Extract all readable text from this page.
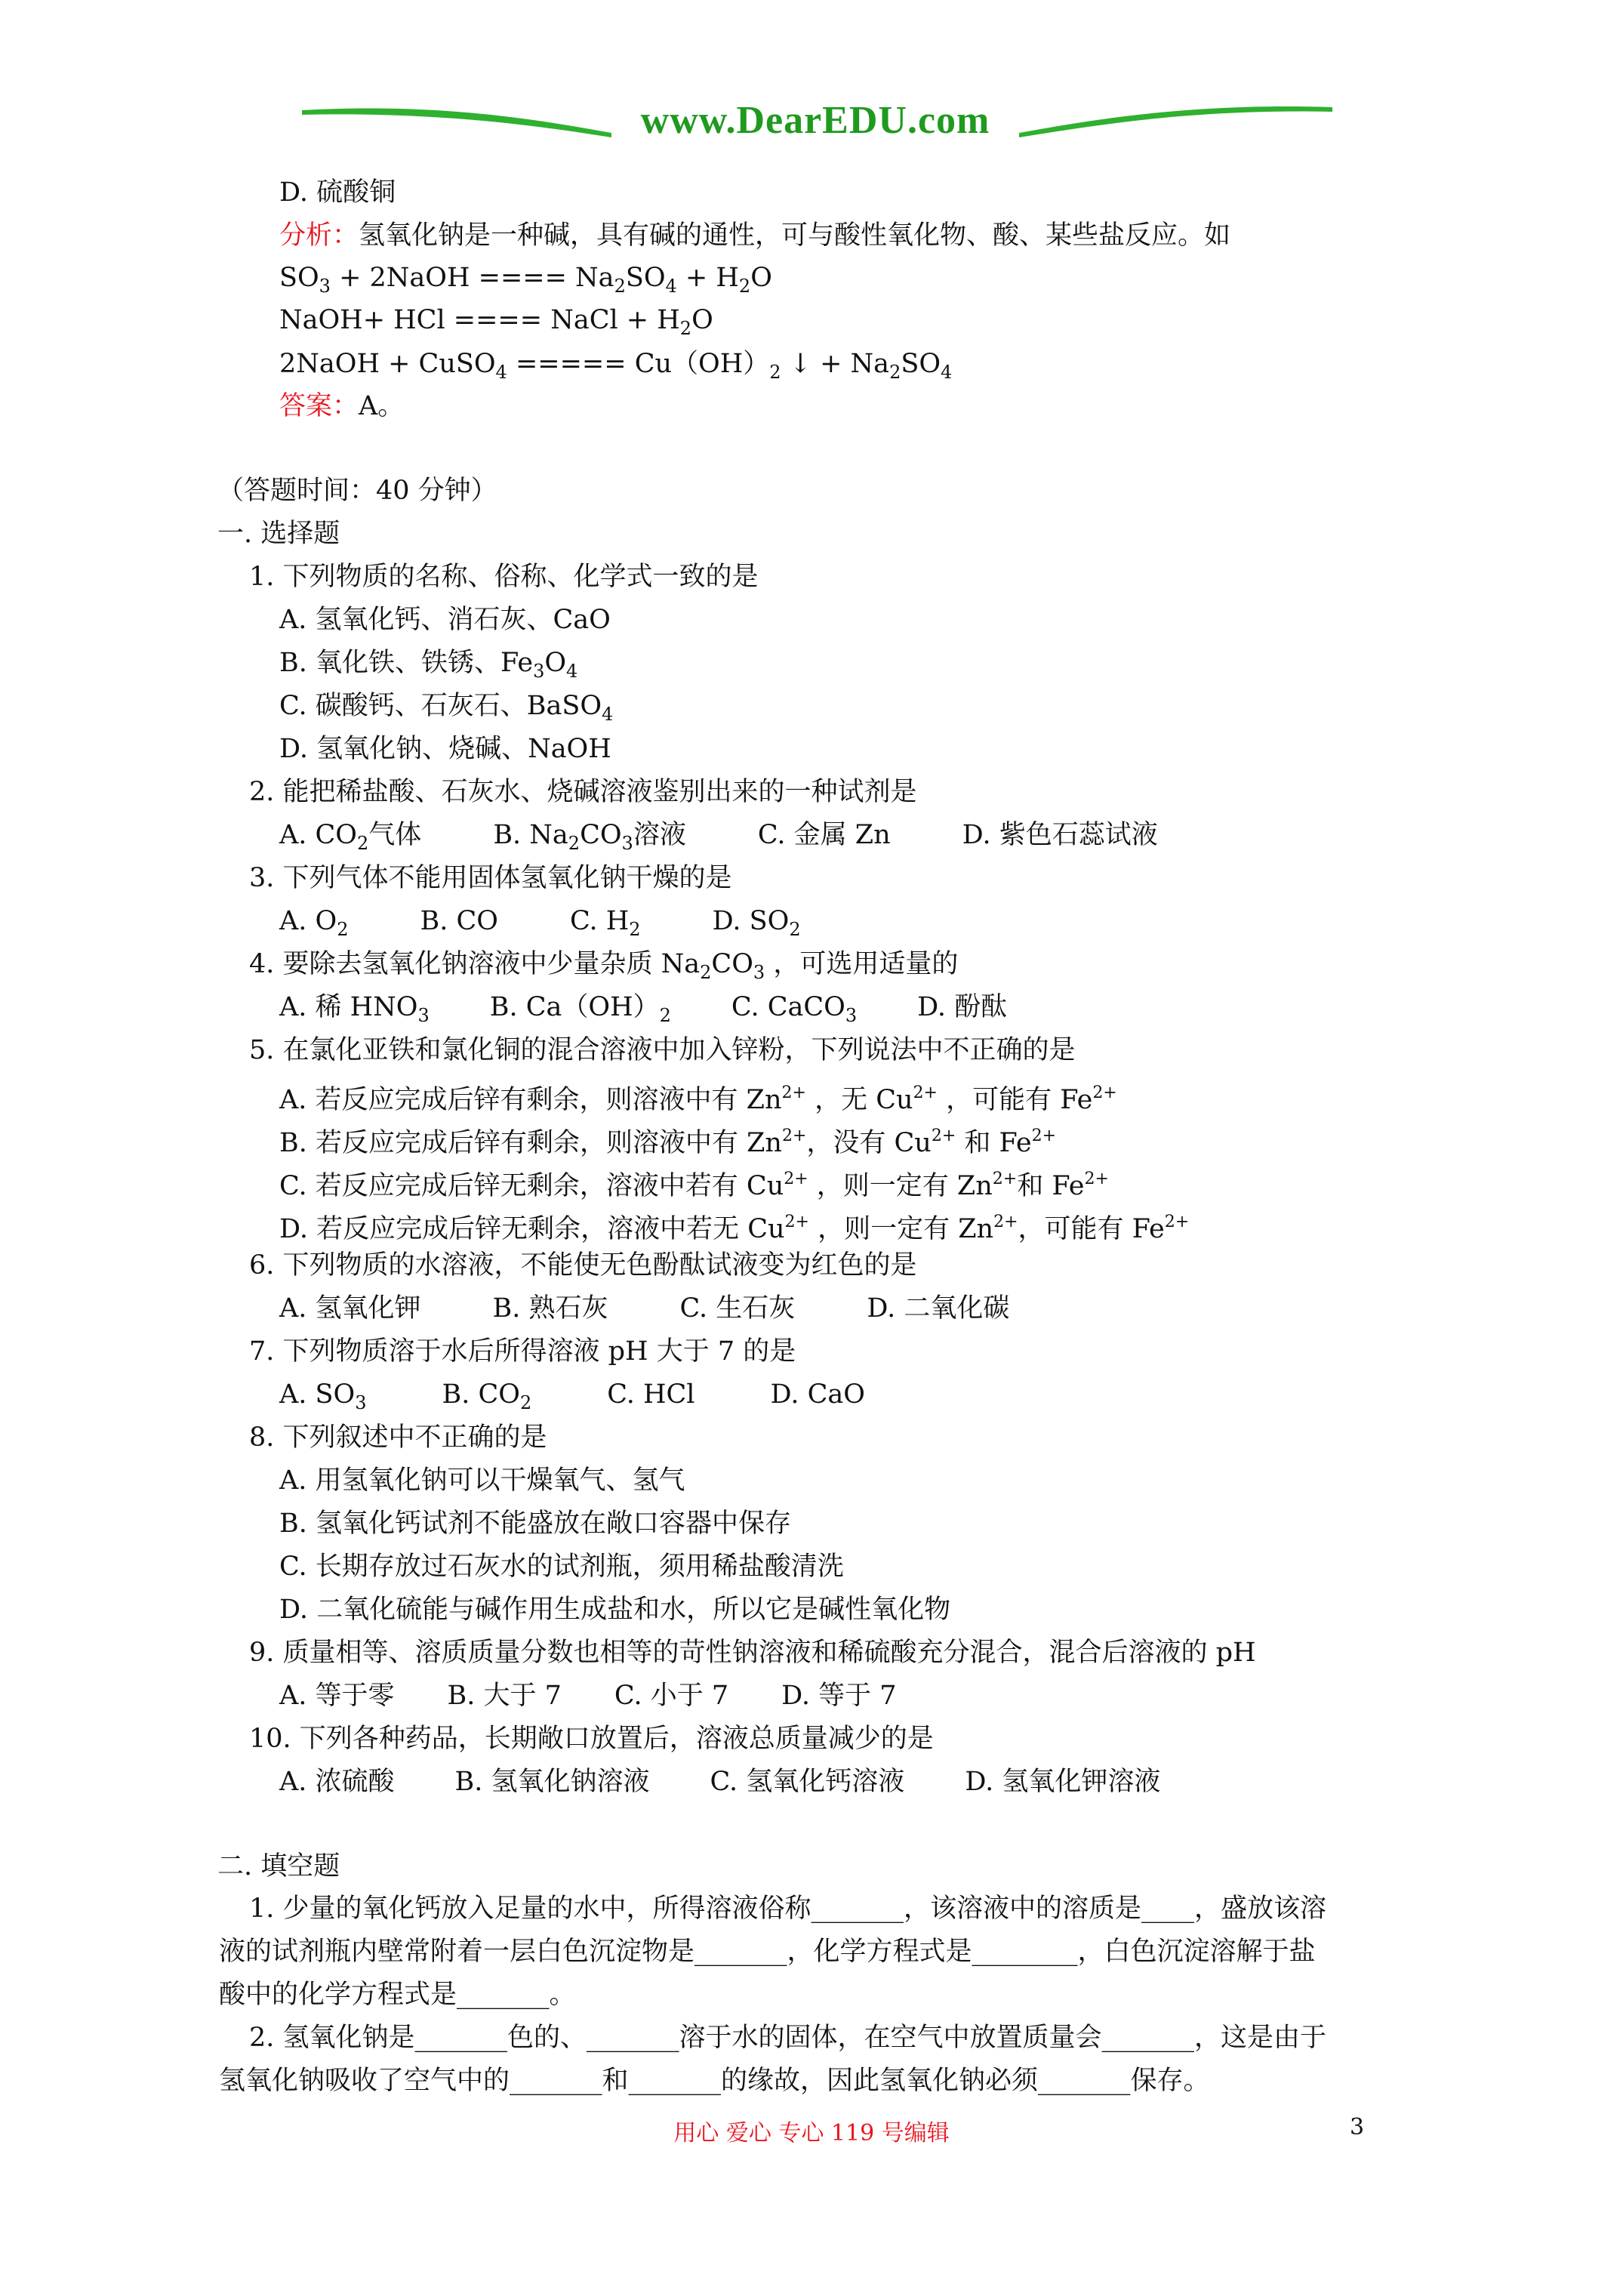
www.DearEDU.com
D. 硫酸铜
分析：氢氧化钠是一种碱，具有碱的通性，可与酸性氧化物、酸、某些盐反应。如
$SO_3$ + 2NaOH ==== $Na_2SO_4 + H_2O$
NaOH+ HCl ==== NaCl + $H_2O$
2NaOH + CuSO$_4$ ===== $Cu(OH)_2$ ↓ + $Na_2SO_4$
答案：A。
（答题时间：40 分钟）
一. 选择题
1. 下列物质的名称、俗称、化学式一致的是
A. 氢氧化钙、消石灰、CaO
B. 氧化铁、铁锈、$Fe_3O_4$
C. 碳酸钙、石灰石、BaSO$_4$
D. 氢氧化钠、烧碱、NaOH
2. 能把稀盐酸、石灰水、烧碱溶液鉴别出来的一种试剂是
A. $CO_2$气体	B. $Na_2CO_3$溶液	C. 金属 Zn	D. 紫色石蕊试液
3. 下列气体不能用固体氢氧化钠干燥的是
A. $O_2$	B. CO	C. $H_2$	D. $SO_2$
4. 要除去氢氧化钠溶液中少量杂质 $Na_2CO_3$ ，可选用适量的
A. 稀 $HNO_3$ B. $Ca(OH)_2$ C. CaCO$_3$ D. 酚酞
5. 在氯化亚铁和氯化铜的混合溶液中加入锌粉，下列说法中不正确的是
A. 若反应完成后锌有剩余，则溶液中有 $Zn^{2+}$ ，无 $Cu^{2+}$ ，可能有 $Fe^{2+}$
B. 若反应完成后锌有剩余，则溶液中有 $Zn^{2+}$，没有 $Cu^{2+}$ 和 $Fe^{2+}$
C. 若反应完成后锌无剩余，溶液中若有 $Cu^{2+}$ ，则一定有 $Zn^{2+}$和 $Fe^{2+}$
D. 若反应完成后锌无剩余，溶液中若无 $Cu^{2+}$ ，则一定有 $Zn^{2+}$，可能有 $Fe^{2+}$
6. 下列物质的水溶液，不能使无色酚酞试液变为红色的是
A. 氢氧化钾	B. 熟石灰	C. 生石灰	D. 二氧化碳
7. 下列物质溶于水后所得溶液 pH 大于 7 的是
A. $SO_3$	B. $CO_2$	C. HCl	D. CaO
8. 下列叙述中不正确的是
A. 用氢氧化钠可以干燥氧气、氢气
B. 氢氧化钙试剂不能盛放在敞口容器中保存
C. 长期存放过石灰水的试剂瓶，须用稀盐酸清洗
D. 二氧化硫能与碱作用生成盐和水，所以它是碱性氧化物
9. 质量相等、溶质质量分数也相等的苛性钠溶液和稀硫酸充分混合，混合后溶液的 pH
A. 等于零 B. 大于 7 C. 小于 7 D. 等于 7
10. 下列各种药品，长期敞口放置后，溶液总质量减少的是
A. 浓硫酸 B. 氢氧化钠溶液 C. 氢氧化钙溶液 D. 氢氧化钾溶液
二. 填空题
1. 少量的氧化钙放入足量的水中，所得溶液俗称_______，该溶液中的溶质是____，盛放该溶
液的试剂瓶内壁常附着一层白色沉淀物是_______，化学方程式是________，白色沉淀溶解于盐
酸中的化学方程式是_______。
2. 氢氧化钠是_______色的、_______溶于水的固体，在空气中放置质量会_______，这是由于
氢氧化钠吸收了空气中的_______和_______的缘故，因此氢氧化钠必须_______保存。
用心 爱心 专心 119 号编辑	3
